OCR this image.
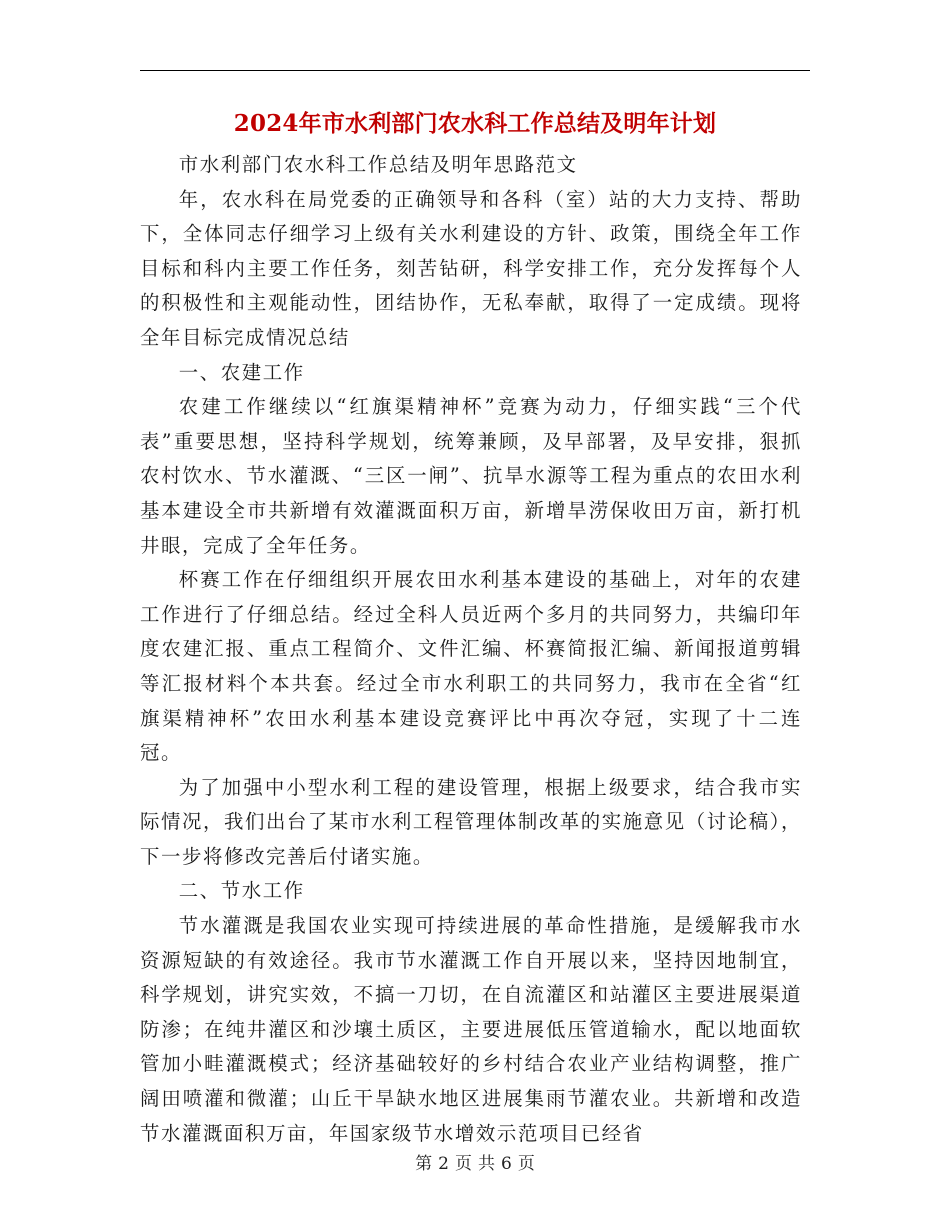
2024年市水利部门农水科工作总结及明年计划

市水利部门农水科工作总结及明年思路范文

年，农水科在局党委的正确领导和各科（室）站的大力支持、帮助下，全体同志仔细学习上级有关水利建设的方针、政策，围绕全年工作目标和科内主要工作任务，刻苦钻研，科学安排工作，充分发挥每个人的积极性和主观能动性，团结协作，无私奉献，取得了一定成绩。现将全年目标完成情况总结

一、农建工作

农建工作继续以“红旗渠精神杯”竞赛为动力，仔细实践“三个代表”重要思想，坚持科学规划，统筹兼顾，及早部署，及早安排，狠抓农村饮水、节水灌溉、“三区一闸”、抗旱水源等工程为重点的农田水利基本建设全市共新增有效灌溉面积万亩，新增旱涝保收田万亩，新打机井眼，完成了全年任务。

杯赛工作在仔细组织开展农田水利基本建设的基础上，对年的农建工作进行了仔细总结。经过全科人员近两个多月的共同努力，共编印年度农建汇报、重点工程简介、文件汇编、杯赛简报汇编、新闻报道剪辑等汇报材料个本共套。经过全市水利职工的共同努力，我市在全省“红旗渠精神杯”农田水利基本建设竞赛评比中再次夺冠，实现了十二连冠。

为了加强中小型水利工程的建设管理，根据上级要求，结合我市实际情况，我们出台了某市水利工程管理体制改革的实施意见（讨论稿），下一步将修改完善后付诸实施。

二、节水工作

节水灌溉是我国农业实现可持续进展的革命性措施，是缓解我市水资源短缺的有效途径。我市节水灌溉工作自开展以来，坚持因地制宜，科学规划，讲究实效，不搞一刀切，在自流灌区和站灌区主要进展渠道防渗；在纯井灌区和沙壤土质区，主要进展低压管道输水，配以地面软管加小畦灌溉模式；经济基础较好的乡村结合农业产业结构调整，推广阔田喷灌和微灌；山丘干旱缺水地区进展集雨节灌农业。共新增和改造节水灌溉面积万亩，年国家级节水增效示范项目已经省

第 2 页 共 6 页
